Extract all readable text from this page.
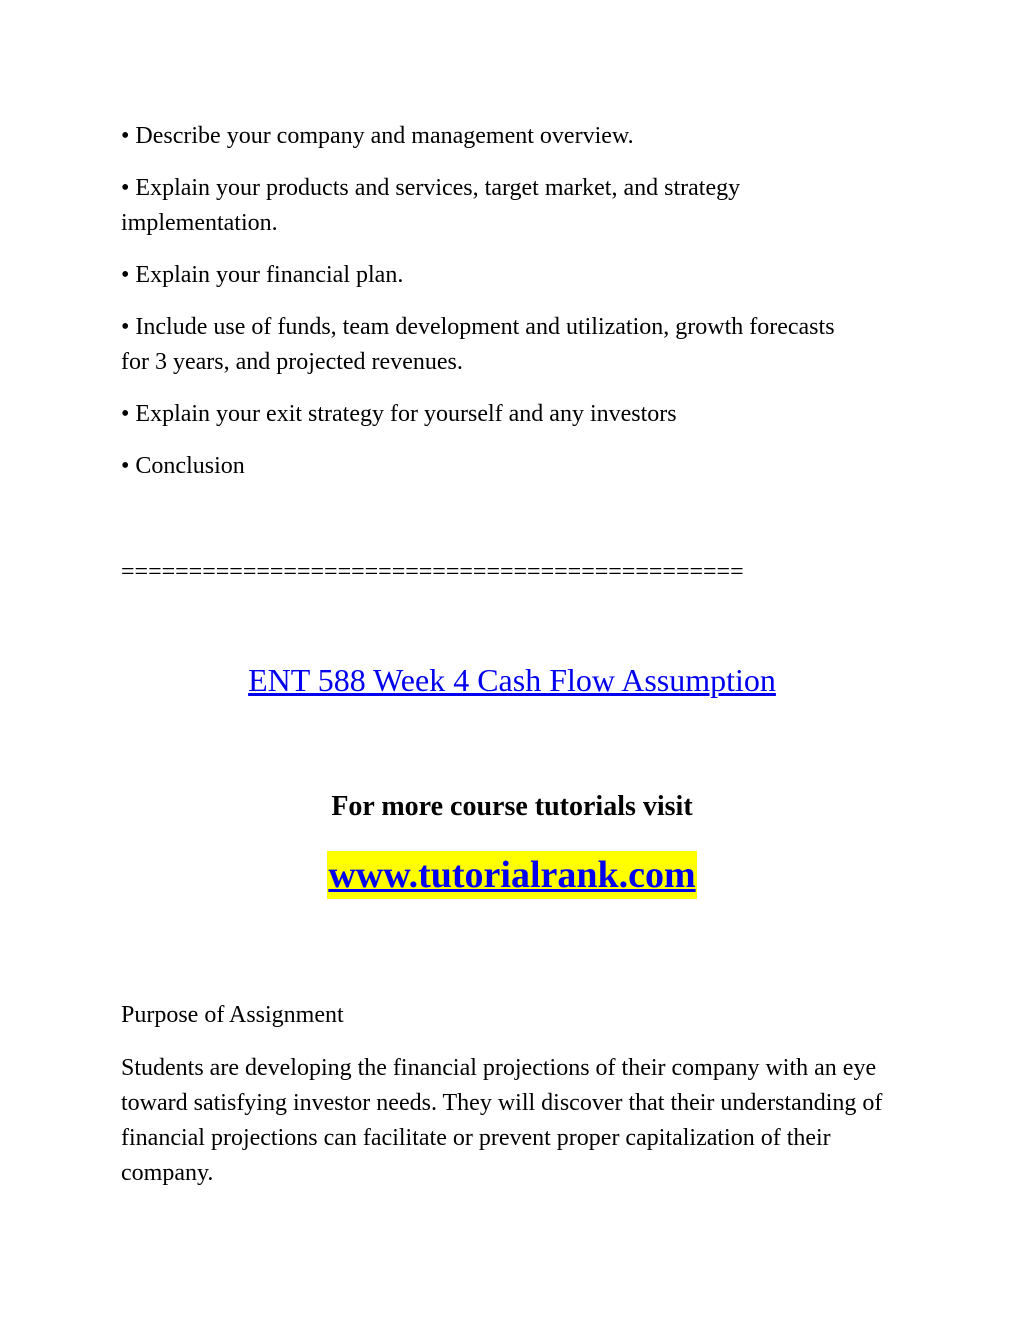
• Describe your company and management overview.
• Explain your products and services, target market, and strategy implementation.
• Explain your financial plan.
• Include use of funds, team development and utilization, growth forecasts for 3 years, and projected revenues.
• Explain your exit strategy for yourself and any investors
• Conclusion
==============================================
ENT 588 Week 4 Cash Flow Assumption
For more course tutorials visit
www.tutorialrank.com
Purpose of Assignment
Students are developing the financial projections of their company with an eye toward satisfying investor needs. They will discover that their understanding of financial projections can facilitate or prevent proper capitalization of their company.
